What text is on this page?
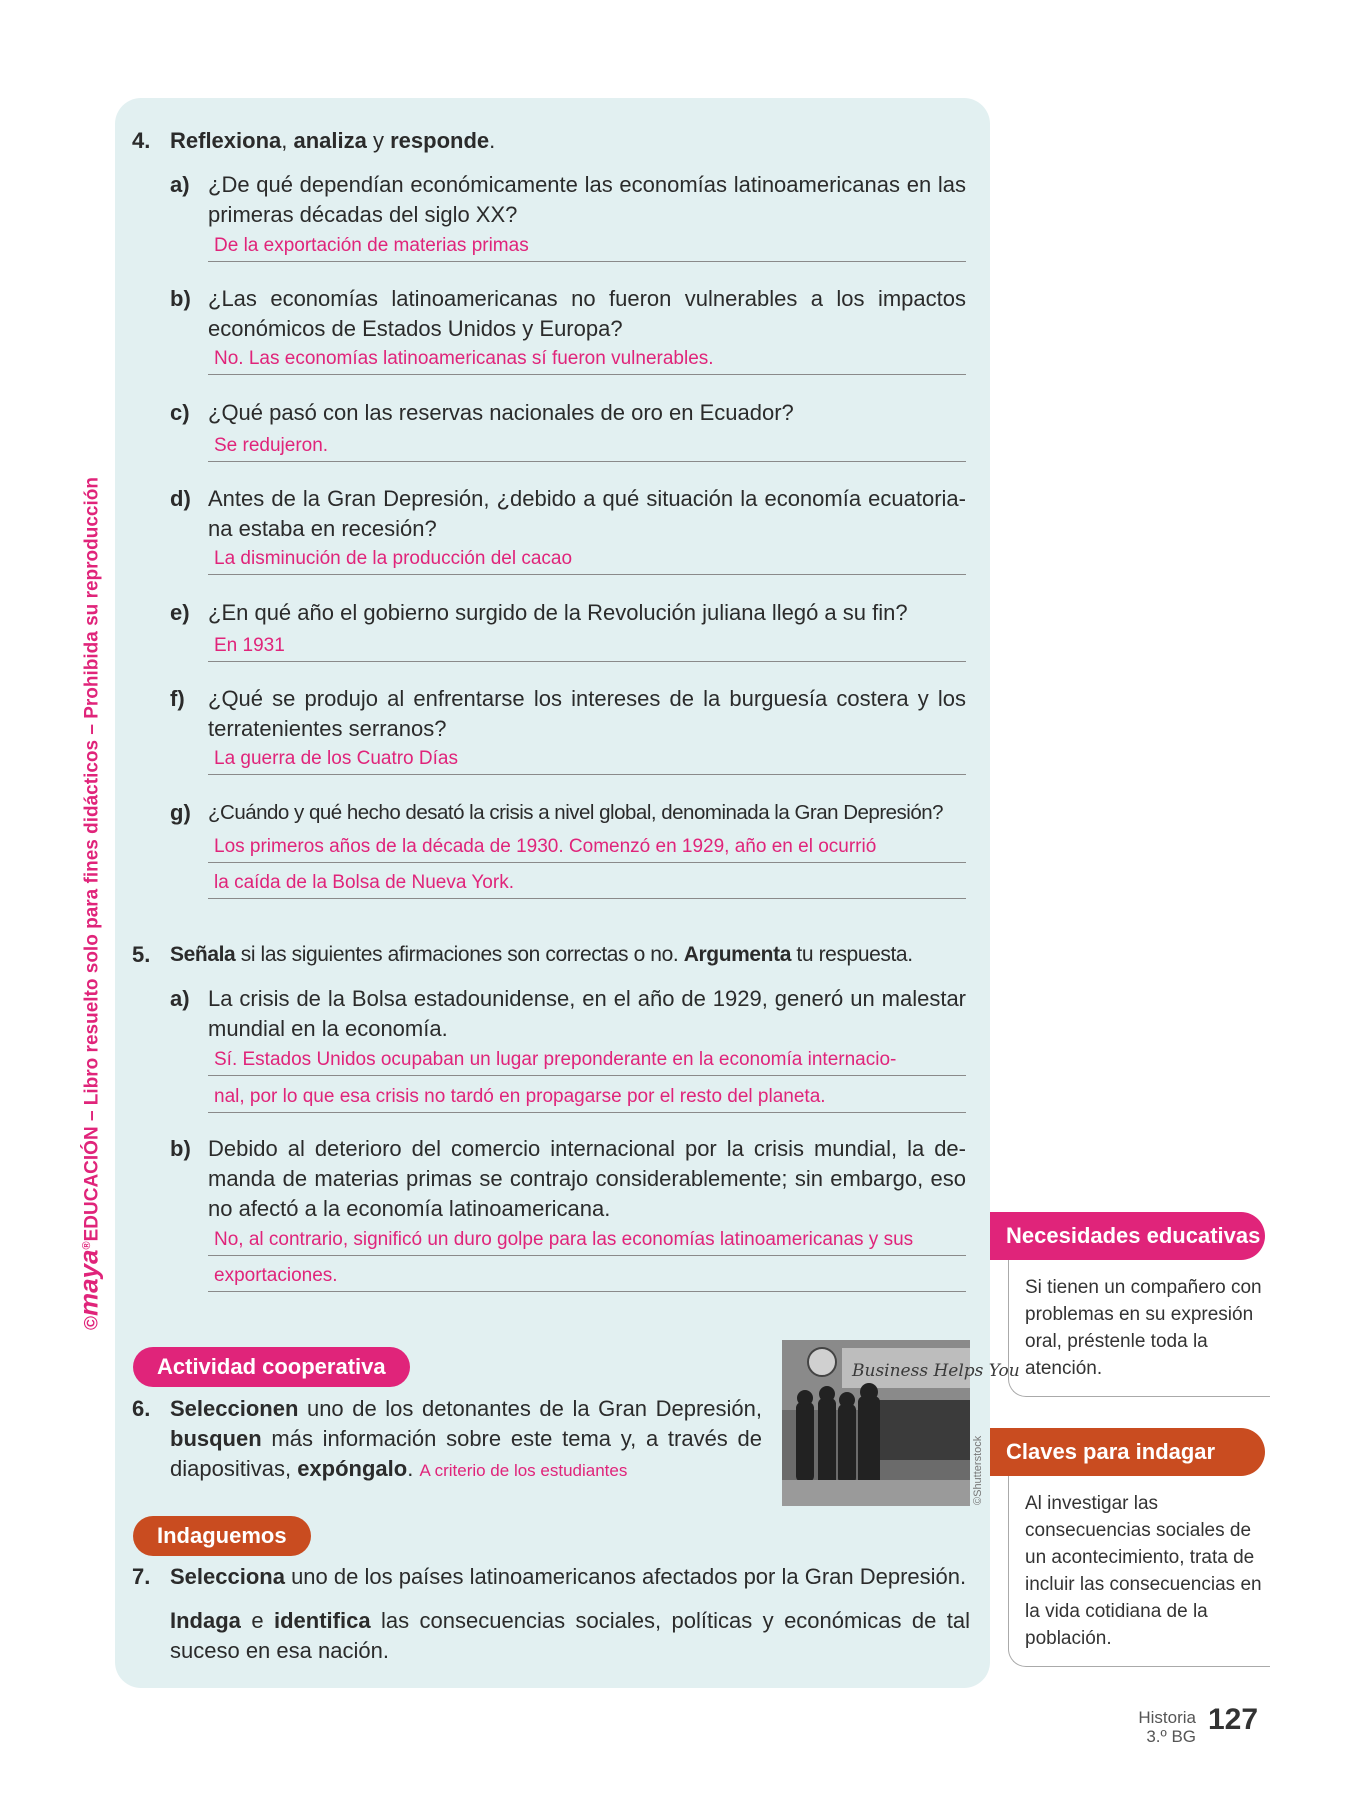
©maya®EDUCACIÓN – Libro resuelto solo para fines didácticos – Prohibida su reproducción
4. Reflexiona, analiza y responde.
a) ¿De qué dependían económicamente las economías latinoamericanas en las primeras décadas del siglo XX?
De la exportación de materias primas
b) ¿Las economías latinoamericanas no fueron vulnerables a los impactos económicos de Estados Unidos y Europa?
No. Las economías latinoamericanas sí fueron vulnerables.
c) ¿Qué pasó con las reservas nacionales de oro en Ecuador?
Se redujeron.
d) Antes de la Gran Depresión, ¿debido a qué situación la economía ecuatoria-na estaba en recesión?
La disminución de la producción del cacao
e) ¿En qué año el gobierno surgido de la Revolución juliana llegó a su fin?
En 1931
f) ¿Qué se produjo al enfrentarse los intereses de la burguesía costera y los terratenientes serranos?
La guerra de los Cuatro Días
g) ¿Cuándo y qué hecho desató la crisis a nivel global, denominada la Gran Depresión?
Los primeros años de la década de 1930. Comenzó en 1929, año en el ocurrió
la caída de la Bolsa de Nueva York.
5. Señala si las siguientes afirmaciones son correctas o no. Argumenta tu respuesta.
a) La crisis de la Bolsa estadounidense, en el año de 1929, generó un malestar mundial en la economía.
Sí. Estados Unidos ocupaban un lugar preponderante en la economía internacio-
nal, por lo que esa crisis no tardó en propagarse por el resto del planeta.
b) Debido al deterioro del comercio internacional por la crisis mundial, la de-manda de materias primas se contrajo considerablemente; sin embargo, eso no afectó a la economía latinoamericana.
No, al contrario, significó un duro golpe para las economías latinoamericanas y sus
exportaciones.
Actividad cooperativa
6. Seleccionen uno de los detonantes de la Gran Depresión, busquen más información sobre este tema y, a través de diapositivas, expóngalo. A criterio de los estudiantes
Business Helps You
©Shutterstock
Indaguemos
7. Selecciona uno de los países latinoamericanos afectados por la Gran Depresión.
Indaga e identifica las consecuencias sociales, políticas y económicas de tal suceso en esa nación.
Necesidades educativas
Si tienen un compañero con problemas en su expresión oral, préstenle toda la atención.
Claves para indagar
Al investigar las consecuencias sociales de un acontecimiento, trata de incluir las consecuencias en la vida cotidiana de la población.
Historia
3.º BG
127
